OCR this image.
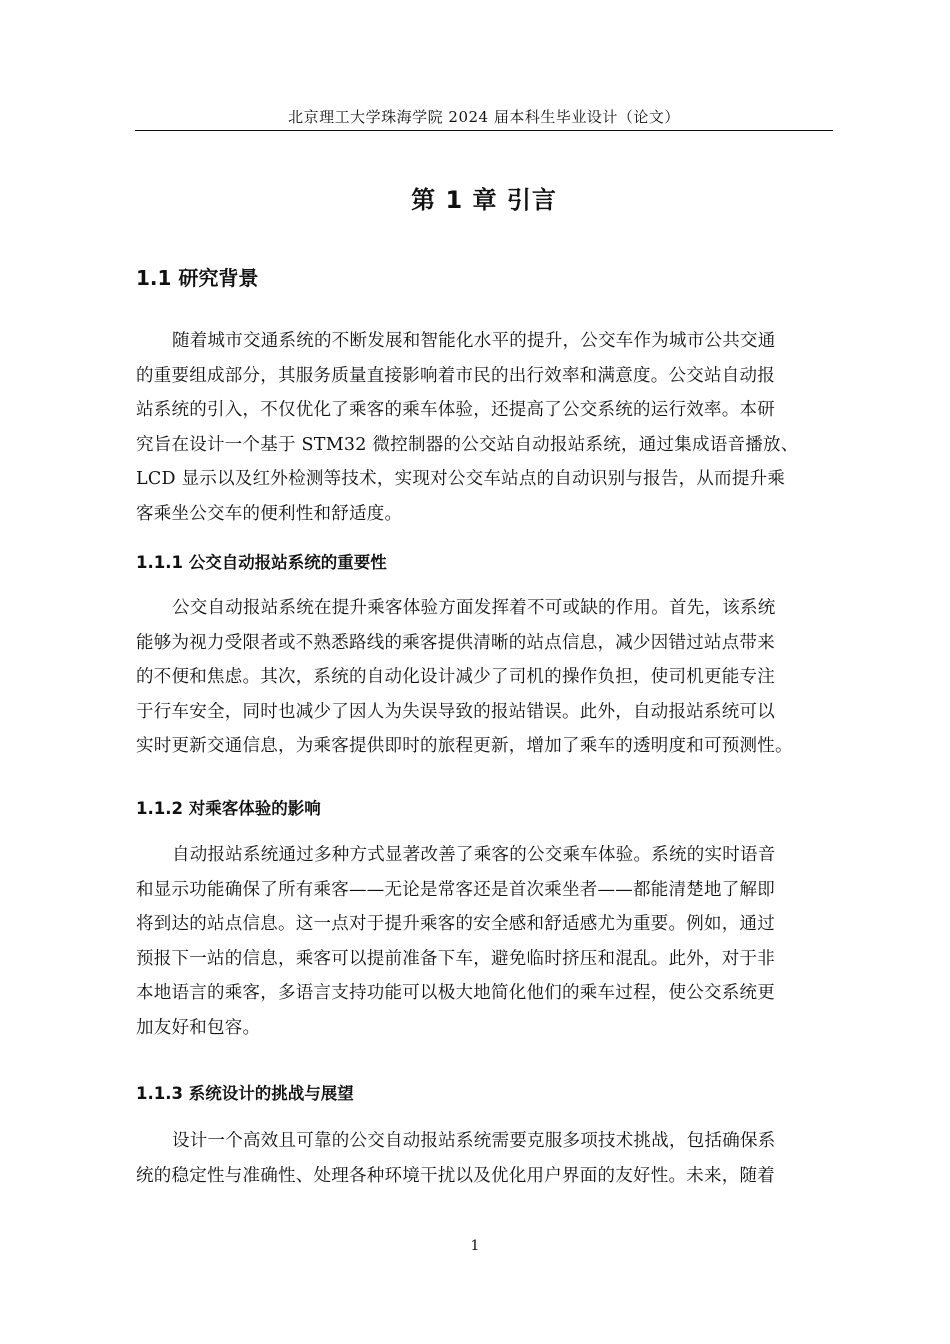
北京理工大学珠海学院 2024 届本科生毕业设计（论文）
第 1 章 引言
1.1 研究背景
随着城市交通系统的不断发展和智能化水平的提升，公交车作为城市公共交通
的重要组成部分，其服务质量直接影响着市民的出行效率和满意度。公交站自动报
站系统的引入，不仅优化了乘客的乘车体验，还提高了公交系统的运行效率。本研
究旨在设计一个基于 STM32 微控制器的公交站自动报站系统，通过集成语音播放、
LCD 显示以及红外检测等技术，实现对公交车站点的自动识别与报告，从而提升乘
客乘坐公交车的便利性和舒适度。
1.1.1 公交自动报站系统的重要性
公交自动报站系统在提升乘客体验方面发挥着不可或缺的作用。首先，该系统
能够为视力受限者或不熟悉路线的乘客提供清晰的站点信息，减少因错过站点带来
的不便和焦虑。其次，系统的自动化设计减少了司机的操作负担，使司机更能专注
于行车安全，同时也减少了因人为失误导致的报站错误。此外，自动报站系统可以
实时更新交通信息，为乘客提供即时的旅程更新，增加了乘车的透明度和可预测性。
1.1.2 对乘客体验的影响
自动报站系统通过多种方式显著改善了乘客的公交乘车体验。系统的实时语音
和显示功能确保了所有乘客——无论是常客还是首次乘坐者——都能清楚地了解即
将到达的站点信息。这一点对于提升乘客的安全感和舒适感尤为重要。例如，通过
预报下一站的信息，乘客可以提前准备下车，避免临时挤压和混乱。此外，对于非
本地语言的乘客，多语言支持功能可以极大地简化他们的乘车过程，使公交系统更
加友好和包容。
1.1.3 系统设计的挑战与展望
设计一个高效且可靠的公交自动报站系统需要克服多项技术挑战，包括确保系
统的稳定性与准确性、处理各种环境干扰以及优化用户界面的友好性。未来，随着
1
